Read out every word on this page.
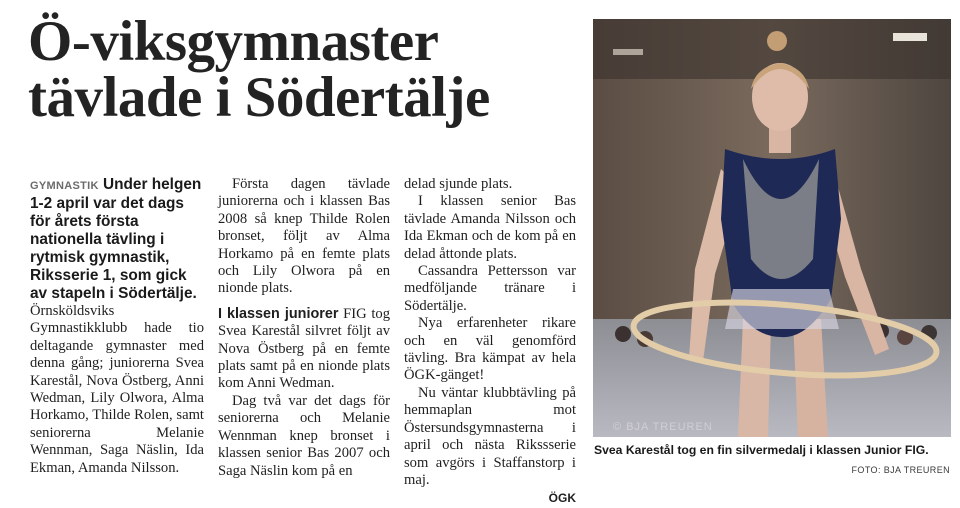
Ö-viksgymnaster
tävlade i Södertälje

GYMNASTIK Under helgen 1-2 april var det dags för årets första nationella tävling i rytmisk gymnastik, Riksserie 1, som gick av stapeln i Södertälje.

Örnsköldsviks Gymnastikklubb hade tio deltagande gymnaster med denna gång; juniorerna Svea Karestål, Nova Östberg, Anni Wedman, Lily Olwora, Alma Horkamo, Thilde Rolen, samt seniorerna Melanie Wennman, Saga Näslin, Ida Ekman, Amanda Nilsson.

Första dagen tävlade juniorerna och i klassen Bas 2008 så knep Thilde Rolen bronset, följt av Alma Horkamo på en femte plats och Lily Olwora på en nionde plats.

I klassen juniorer FIG tog Svea Karestål silvret följt av Nova Östberg på en femte plats samt på en nionde plats kom Anni Wedman.

Dag två var det dags för seniorerna och Melanie Wennman knep bronset i klassen senior Bas 2007 och Saga Näslin kom på en

delad sjunde plats.

I klassen senior Bas tävlade Amanda Nilsson och Ida Ekman och de kom på en delad åttonde plats.

Cassandra Pettersson var medföljande tränare i Södertälje.

Nya erfarenheter rikare och en väl genomförd tävling. Bra kämpat av hela ÖGK-gänget!

Nu väntar klubbtävling på hemmaplan mot Östersundsgymnasterna i april och nästa Rikssserie som avgörs i Staffanstorp i maj.

ÖGK
© BJA TREUREN
Svea Karestål tog en fin silvermedalj i klassen Junior FIG.
FOTO: BJA TREUREN
